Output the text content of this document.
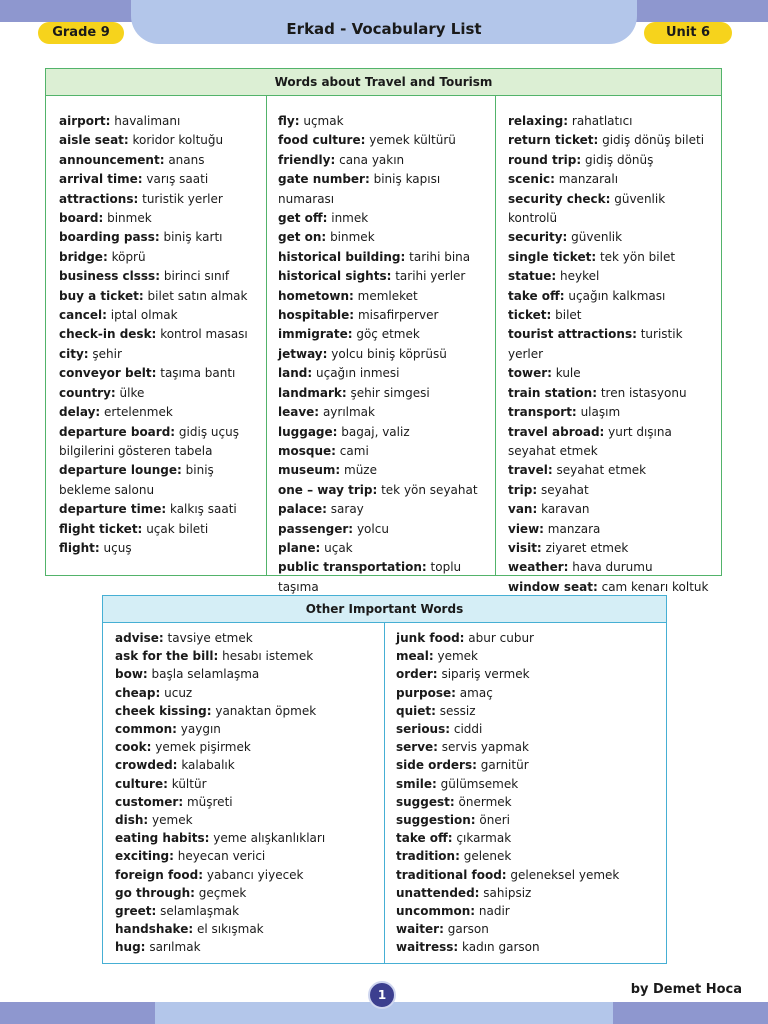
Erkad - Vocabulary List
Grade 9	Unit 6
Words about Travel and Tourism
airport: havalimanı
aisle seat: koridor koltuğu
announcement: anans
arrival time: varış saati
attractions: turistik yerler
board: binmek
boarding pass: biniş kartı
bridge: köprü
business clsss: birinci sınıf
buy a ticket: bilet satın almak
cancel: iptal olmak
check-in desk: kontrol masası
city: şehir
conveyor belt: taşıma bantı
country: ülke
delay: ertelenmek
departure board: gidiş uçuş bilgilerini gösteren tabela
departure lounge: biniş bekleme salonu
departure time: kalkış saati
flight ticket: uçak bileti
flight: uçuş
fly: uçmak
food culture: yemek kültürü
friendly: cana yakın
gate number: biniş kapısı numarası
get off: inmek
get on: binmek
historical building: tarihi bina
historical sights: tarihi yerler
hometown: memleket
hospitable: misafirperver
immigrate: göç etmek
jetway: yolcu biniş köprüsü
land: uçağın inmesi
landmark: şehir simgesi
leave: ayrılmak
luggage: bagaj, valiz
mosque: cami
museum: müze
one – way trip: tek yön seyahat
palace: saray
passenger: yolcu
plane: uçak
public transportation: toplu taşıma
relaxing: rahatlatıcı
return ticket: gidiş dönüş bileti
round trip: gidiş dönüş
scenic: manzaralı
security check: güvenlik kontrolü
security: güvenlik
single ticket: tek yön bilet
statue: heykel
take off: uçağın kalkması
ticket: bilet
tourist attractions: turistik yerler
tower: kule
train station: tren istasyonu
transport: ulaşım
travel abroad: yurt dışına seyahat etmek
travel: seyahat etmek
trip: seyahat
van: karavan
view: manzara
visit: ziyaret etmek
weather: hava durumu
window seat: cam kenarı koltuk
Other Important Words
advise: tavsiye etmek
ask for the bill: hesabı istemek
bow: başla selamlaşma
cheap: ucuz
cheek kissing: yanaktan öpmek
common: yaygın
cook: yemek pişirmek
crowded: kalabalık
culture: kültür
customer: müşreti
dish: yemek
eating habits: yeme alışkanlıkları
exciting: heyecan verici
foreign food: yabancı yiyecek
go through: geçmek
greet: selamlaşmak
handshake: el sıkışmak
hug: sarılmak
junk food: abur cubur
meal: yemek
order: sipariş vermek
purpose: amaç
quiet: sessiz
serious: ciddi
serve: servis yapmak
side orders: garnitür
smile: gülümsemek
suggest: önermek
suggestion: öneri
take off: çıkarmak
tradition: gelenek
traditional food: geleneksel yemek
unattended: sahipsiz
uncommon: nadir
waiter: garson
waitress: kadın garson
1	by Demet Hoca
